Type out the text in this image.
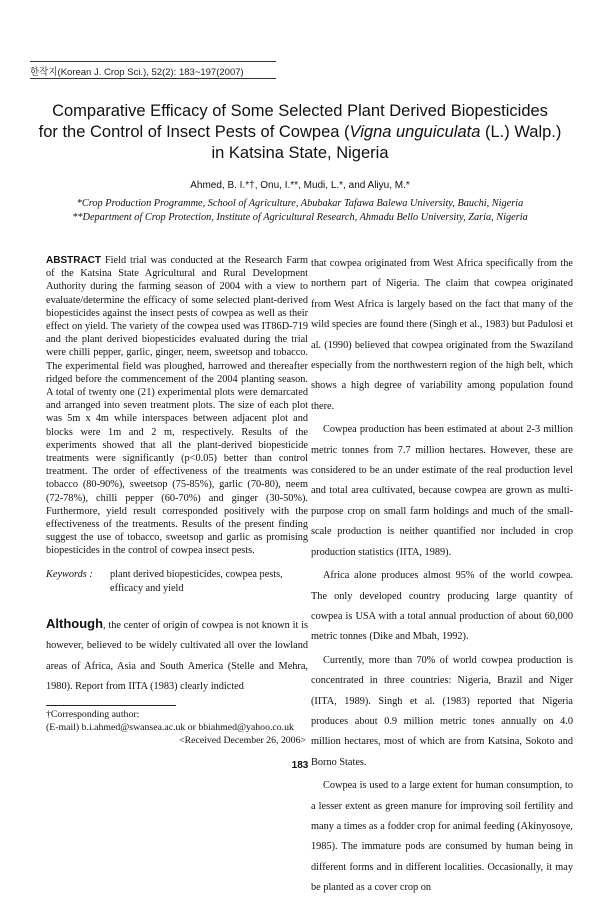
한작지(Korean J. Crop Sci.), 52(2): 183~197(2007)
Comparative Efficacy of Some Selected Plant Derived Biopesticides
for the Control of Insect Pests of Cowpea (Vigna unguiculata (L.) Walp.)
in Katsina State, Nigeria
Ahmed, B. I.*†, Onu, I.**, Mudi, L.*, and Aliyu, M.*
*Crop Production Programme, School of Agriculture, Abubakar Tafawa Balewa University, Bauchi, Nigeria
**Department of Crop Protection, Institute of Agricultural Research, Ahmadu Bello University, Zaria, Nigeria
ABSTRACT Field trial was conducted at the Research Farm of the Katsina State Agricultural and Rural Development Authority during the farming season of 2004 with a view to evaluate/determine the efficacy of some selected plant-derived biopesticides against the insect pests of cowpea as well as their effect on yield. The variety of the cowpea used was IT86D-719 and the plant derived biopesticides evaluated during the trial were chilli pepper, garlic, ginger, neem, sweetsop and tobacco. The experimental field was ploughed, harrowed and thereafter ridged before the commencement of the 2004 planting season. A total of twenty one (21) experimental plots were demarcated and arranged into seven treatment plots. The size of each plot was 5m x 4m while interspaces between adjacent plot and blocks were 1m and 2 m, respectively. Results of the experiments showed that all the plant-derived biopesticide treatments were significantly (p<0.05) better than control treatment. The order of effectiveness of the treatments was tobacco (80-90%), sweetsop (75-85%), garlic (70-80), neem (72-78%), chilli pepper (60-70%) and ginger (30-50%). Furthermore, yield result corresponded positively with the effectiveness of the treatments. Results of the present finding suggest the use of tobacco, sweetsop and garlic as promising biopesticides in the control of cowpea insect pests.
Keywords :	plant derived biopesticides, cowpea pests, efficacy and yield
Although, the center of origin of cowpea is not known it is however, believed to be widely cultivated all over the lowland areas of Africa, Asia and South America (Stelle and Mehra, 1980). Report from IITA (1983) clearly indicted

that cowpea originated from West Africa specifically from the northern part of Nigeria. The claim that cowpea originated from West Africa is largely based on the fact that many of the wild species are found there (Singh et al., 1983) but Padulosi et al. (1990) believed that cowpea originated from the Swaziland especially from the northwestern region of the high belt, which shows a high degree of variability among population found there.

Cowpea production has been estimated at about 2-3 million metric tonnes from 7.7 million hectares. However, these are considered to be an under estimate of the real production level and total area cultivated, because cowpea are grown as multi-purpose crop on small farm holdings and much of the small-scale production is neither quantified nor included in crop production statistics (IITA, 1989).

Africa alone produces almost 95% of the world cowpea. The only developed country producing large quantity of cowpea is USA with a total annual production of about 60,000 metric tonnes (Dike and Mbah, 1992).

Currently, more than 70% of world cowpea production is concentrated in three countries: Nigeria, Brazil and Niger (IITA, 1989). Singh et al. (1983) reported that Nigeria produces about 0.9 million metric tones annually on 4.0 million hectares, most of which are from Katsina, Sokoto and Borno States.

Cowpea is used to a large extent for human consumption, to a lesser extent as green manure for improving soil fertility and many a times as a fodder crop for animal feeding (Akinyosoye, 1985). The immature pods are consumed by human being in different forms and in different localities. Occasionally, it may be planted as a cover crop on

†Corresponding author:
(E-mail) b.i.ahmed@swansea.ac.uk or bbiahmed@yahoo.co.uk
<Received December 26, 2006>
183
